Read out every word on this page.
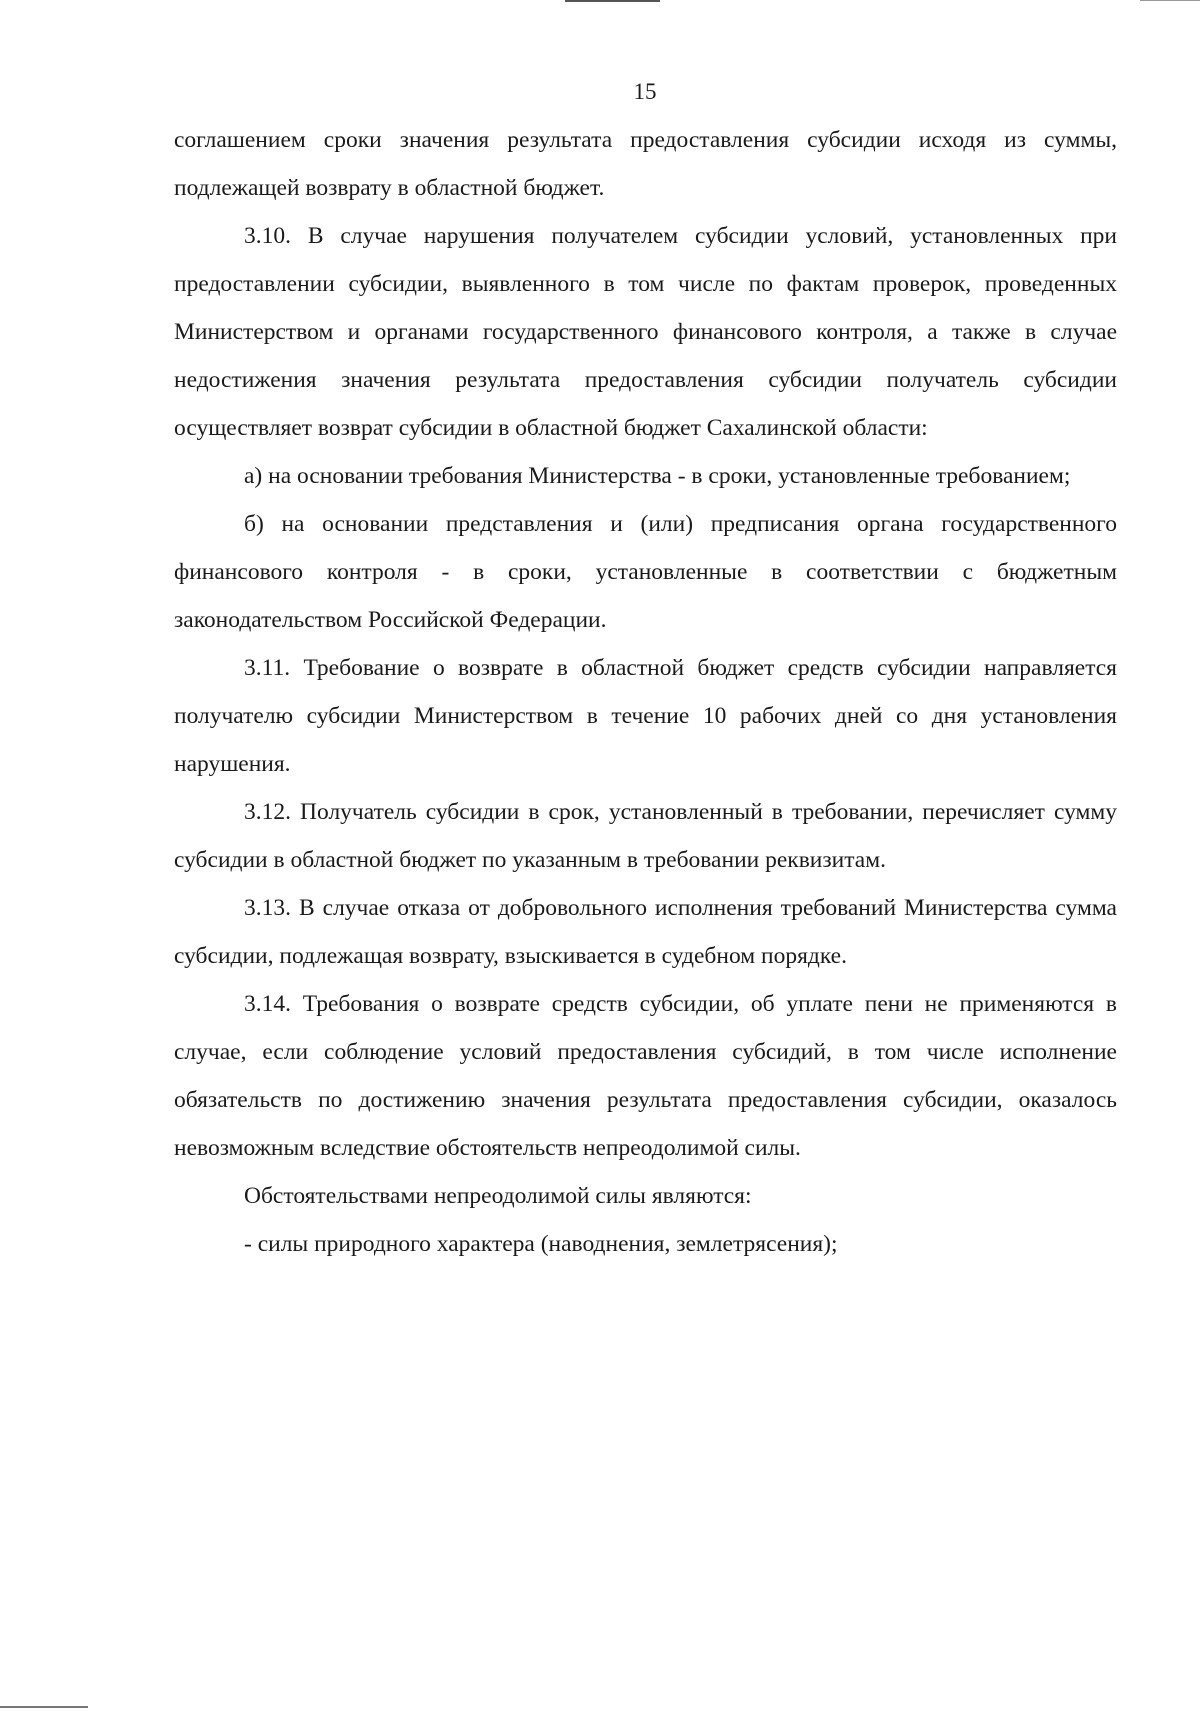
15

соглашением сроки значения результата предоставления субсидии исходя из суммы, подлежащей возврату в областной бюджет.

3.10. В случае нарушения получателем субсидии условий, установленных при предоставлении субсидии, выявленного в том числе по фактам проверок, проведенных Министерством и органами государственного финансового контроля, а также в случае недостижения значения результата предоставления субсидии получатель субсидии осуществляет возврат субсидии в областной бюджет Сахалинской области:

а) на основании требования Министерства - в сроки, установленные требованием;

б) на основании представления и (или) предписания органа государственного финансового контроля - в сроки, установленные в соответствии с бюджетным законодательством Российской Федерации.

3.11. Требование о возврате в областной бюджет средств субсидии направляется получателю субсидии Министерством в течение 10 рабочих дней со дня установления нарушения.

3.12. Получатель субсидии в срок, установленный в требовании, перечисляет сумму субсидии в областной бюджет по указанным в требовании реквизитам.

3.13. В случае отказа от добровольного исполнения требований Министерства сумма субсидии, подлежащая возврату, взыскивается в судебном порядке.

3.14. Требования о возврате средств субсидии, об уплате пени не применяются в случае, если соблюдение условий предоставления субсидий, в том числе исполнение обязательств по достижению значения результата предоставления субсидии, оказалось невозможным вследствие обстоятельств непреодолимой силы.

Обстоятельствами непреодолимой силы являются:

- силы природного характера (наводнения, землетрясения);
